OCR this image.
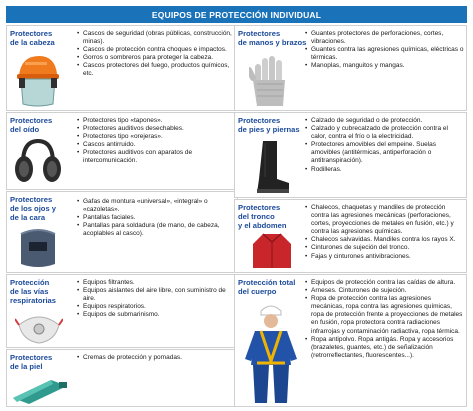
EQUIPOS DE PROTECCIÓN INDIVIDUAL
Protectores
de la cabeza
• Cascos de seguridad (obras públicas, construcción, minas).
• Cascos de protección contra choques e impactos.
• Gorros o sombreros para proteger la cabeza.
• Cascos protectores del fuego, productos químicos, etc.
Protectores
del oído
• Protectores tipo «tapones».
• Protectores auditivos desechables.
• Protectores tipo «orejeras».
• Cascos antirruido.
• Protectores auditivos con aparatos de intercomunicación.
Protectores
de los ojos y
de la cara
• Gafas de montura «universal», «integral» o «cazoletas».
• Pantallas faciales.
• Pantallas para soldadura (de mano, de cabeza, acoplables al casco).
Protección
de las vías
respiratorias
• Equipos filtrantes.
• Equipos aislantes del aire libre, con suministro de aire.
• Equipos respiratorios.
• Equipos de submarinismo.
Protectores
de la piel
• Cremas de protección y pomadas.
Protectores
de manos y brazos
• Guantes protectores de perforaciones, cortes, vibraciones.
• Guantes contra las agresiones químicas, eléctricas o térmicas.
• Manoplas, manguitos y mangas.
Protectores
de pies y piernas
• Calzado de seguridad o de protección.
• Calzado y cubrecalzado de protección contra el calor, contra el frío o la electricidad.
• Protectores amovibles del empeine. Suelas amovibles (antitérmicas, antiperforación o antitranspiración).
• Rodilleras.
Protectores
del tronco
y el abdomen
• Chalecos, chaquetas y mandiles de protección contra las agresiones mecánicas (perforaciones, cortes, proyecciones de metales en fusión, etc.) y contra las agresiones químicas.
• Chalecos salvavidas. Mandiles contra los rayos X.
• Cinturones de sujeción del tronco.
• Fajas y cinturones antivibraciones.
Protección total
del cuerpo
• Equipos de protección contra las caídas de altura.
• Arneses. Cinturones de sujeción.
• Ropa de protección contra las agresiones mecánicas, ropa contra las agresiones químicas, ropa de protección frente a proyecciones de metales en fusión, ropa protectora contra radiaciones infrarrojas y contaminación radiactiva, ropa térmica.
• Ropa antipolvo. Ropa antigás. Ropa y accesorios (brazaletes, guantes, etc.) de señalización (retrorreflectantes, fluorescentes...).
